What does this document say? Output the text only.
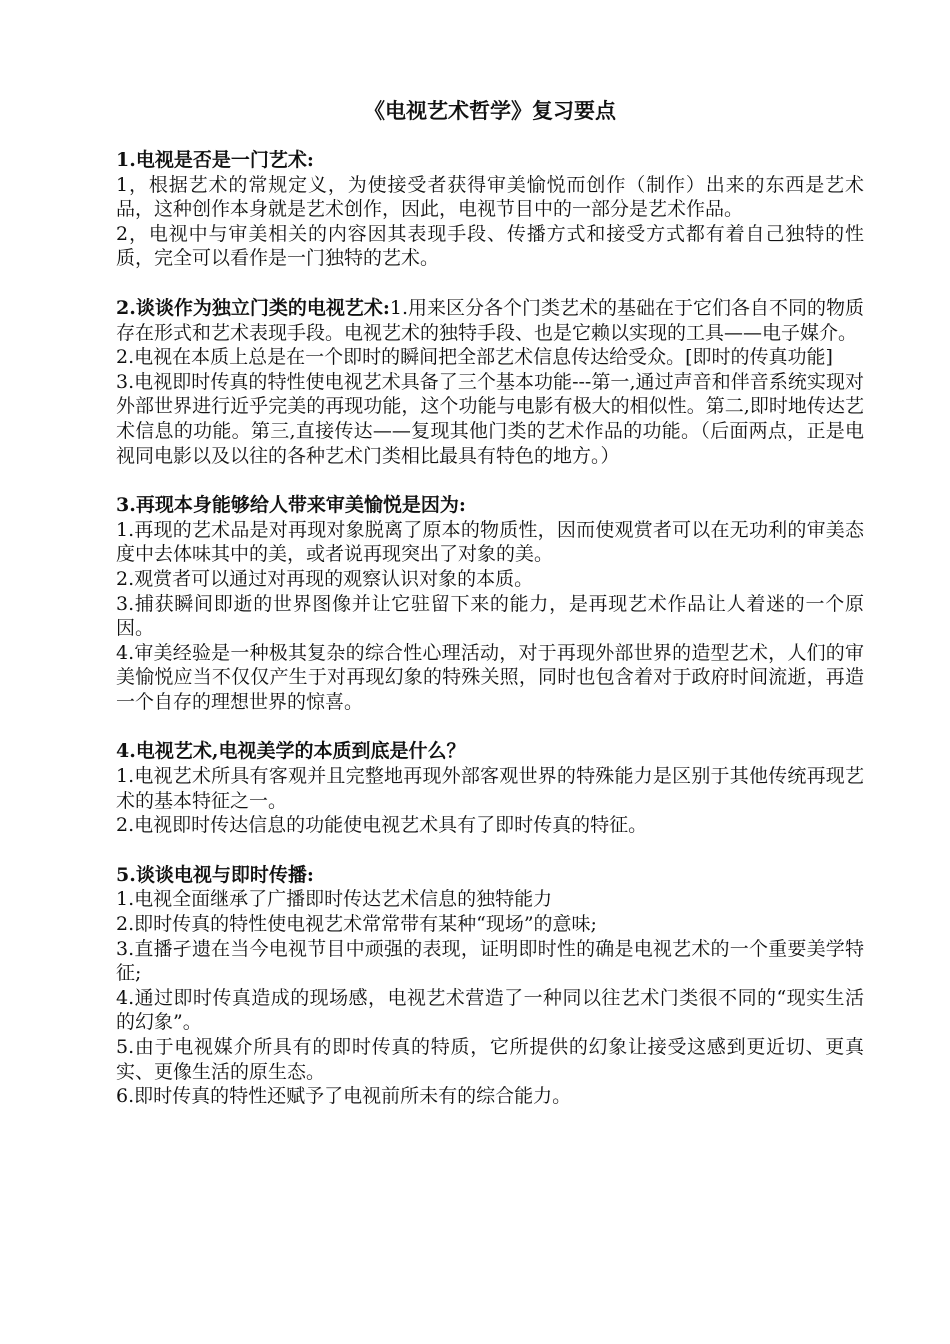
《电视艺术哲学》复习要点

1.电视是否是一门艺术:

1，根据艺术的常规定义，为使接受者获得审美愉悦而创作（制作）出来的东西是艺术品，这种创作本身就是艺术创作，因此，电视节目中的一部分是艺术作品。

2，电视中与审美相关的内容因其表现手段、传播方式和接受方式都有着自己独特的性质，完全可以看作是一门独特的艺术。

2.谈谈作为独立门类的电视艺术:1.用来区分各个门类艺术的基础在于它们各自不同的物质存在形式和艺术表现手段。电视艺术的独特手段、也是它赖以实现的工具——电子媒介。

2.电视在本质上总是在一个即时的瞬间把全部艺术信息传达给受众。[即时的传真功能]

3.电视即时传真的特性使电视艺术具备了三个基本功能---第一,通过声音和伴音系统实现对外部世界进行近乎完美的再现功能，这个功能与电影有极大的相似性。第二,即时地传达艺术信息的功能。第三,直接传达——复现其他门类的艺术作品的功能。（后面两点，正是电视同电影以及以往的各种艺术门类相比最具有特色的地方。）

3.再现本身能够给人带来审美愉悦是因为:

1.再现的艺术品是对再现对象脱离了原本的物质性，因而使观赏者可以在无功利的审美态度中去体味其中的美，或者说再现突出了对象的美。

2.观赏者可以通过对再现的观察认识对象的本质。

3.捕获瞬间即逝的世界图像并让它驻留下来的能力，是再现艺术作品让人着迷的一个原因。

4.审美经验是一种极其复杂的综合性心理活动，对于再现外部世界的造型艺术，人们的审美愉悦应当不仅仅产生于对再现幻象的特殊关照，同时也包含着对于政府时间流逝，再造一个自存的理想世界的惊喜。

4.电视艺术,电视美学的本质到底是什么？

1.电视艺术所具有客观并且完整地再现外部客观世界的特殊能力是区别于其他传统再现艺术的基本特征之一。

2.电视即时传达信息的功能使电视艺术具有了即时传真的特征。

5.谈谈电视与即时传播:

1.电视全面继承了广播即时传达艺术信息的独特能力

2.即时传真的特性使电视艺术常常带有某种“现场”的意味;

3.直播孑遗在当今电视节目中顽强的表现，证明即时性的确是电视艺术的一个重要美学特征;

4.通过即时传真造成的现场感，电视艺术营造了一种同以往艺术门类很不同的“现实生活的幻象”。

5.由于电视媒介所具有的即时传真的特质，它所提供的幻象让接受这感到更近切、更真实、更像生活的原生态。

6.即时传真的特性还赋予了电视前所未有的综合能力。
